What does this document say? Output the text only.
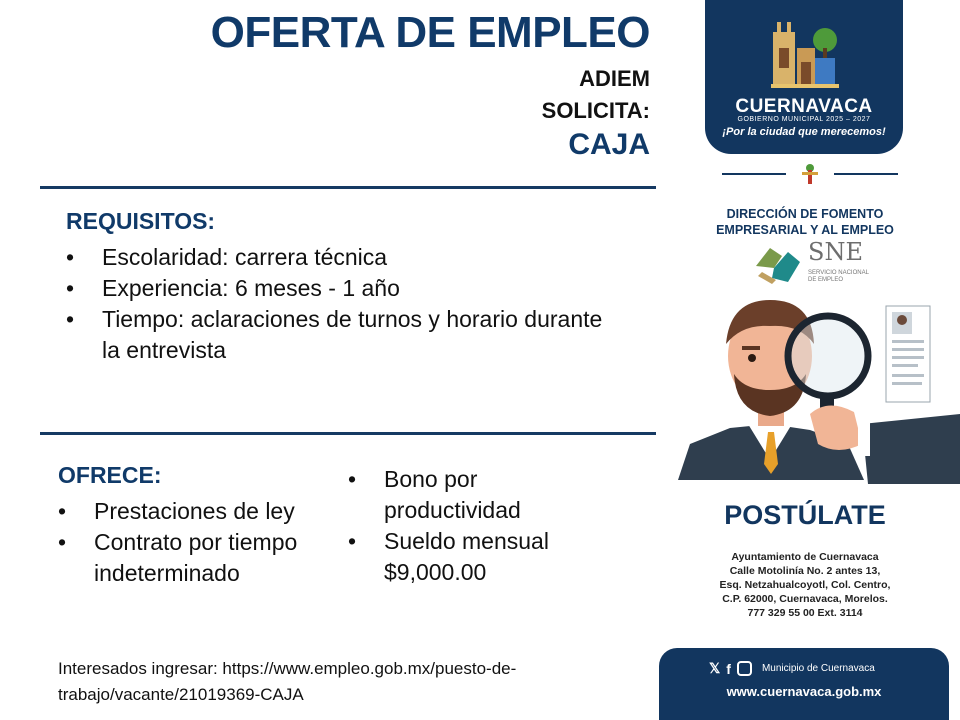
OFERTA DE EMPLEO
ADIEM
SOLICITA:
CAJA
REQUISITOS:
•	Escolaridad: carrera técnica
•	Experiencia: 6 meses - 1 año
•	Tiempo: aclaraciones de turnos y horario durante la entrevista
OFRECE:
•	Prestaciones de ley
•	Contrato por tiempo indeterminado
•	Bono por productividad
•	Sueldo mensual $9,000.00
Interesados ingresar: https://www.empleo.gob.mx/puesto-de-trabajo/vacante/21019369-CAJA
CUERNAVACA
GOBIERNO MUNICIPAL 2025 – 2027
¡Por la ciudad que merecemos!
DIRECCIÓN DE FOMENTO
EMPRESARIAL Y AL EMPLEO
SNE
SERVICIO NACIONAL
DE EMPLEO
POSTÚLATE
Ayuntamiento de Cuernavaca
Calle Motolinía No. 2 antes 13,
Esq. Netzahualcoyotl, Col. Centro,
C.P. 62000, Cuernavaca, Morelos.
777 329 55 00 Ext. 3114
𝕏 f	Municipio de Cuernavaca
www.cuernavaca.gob.mx
